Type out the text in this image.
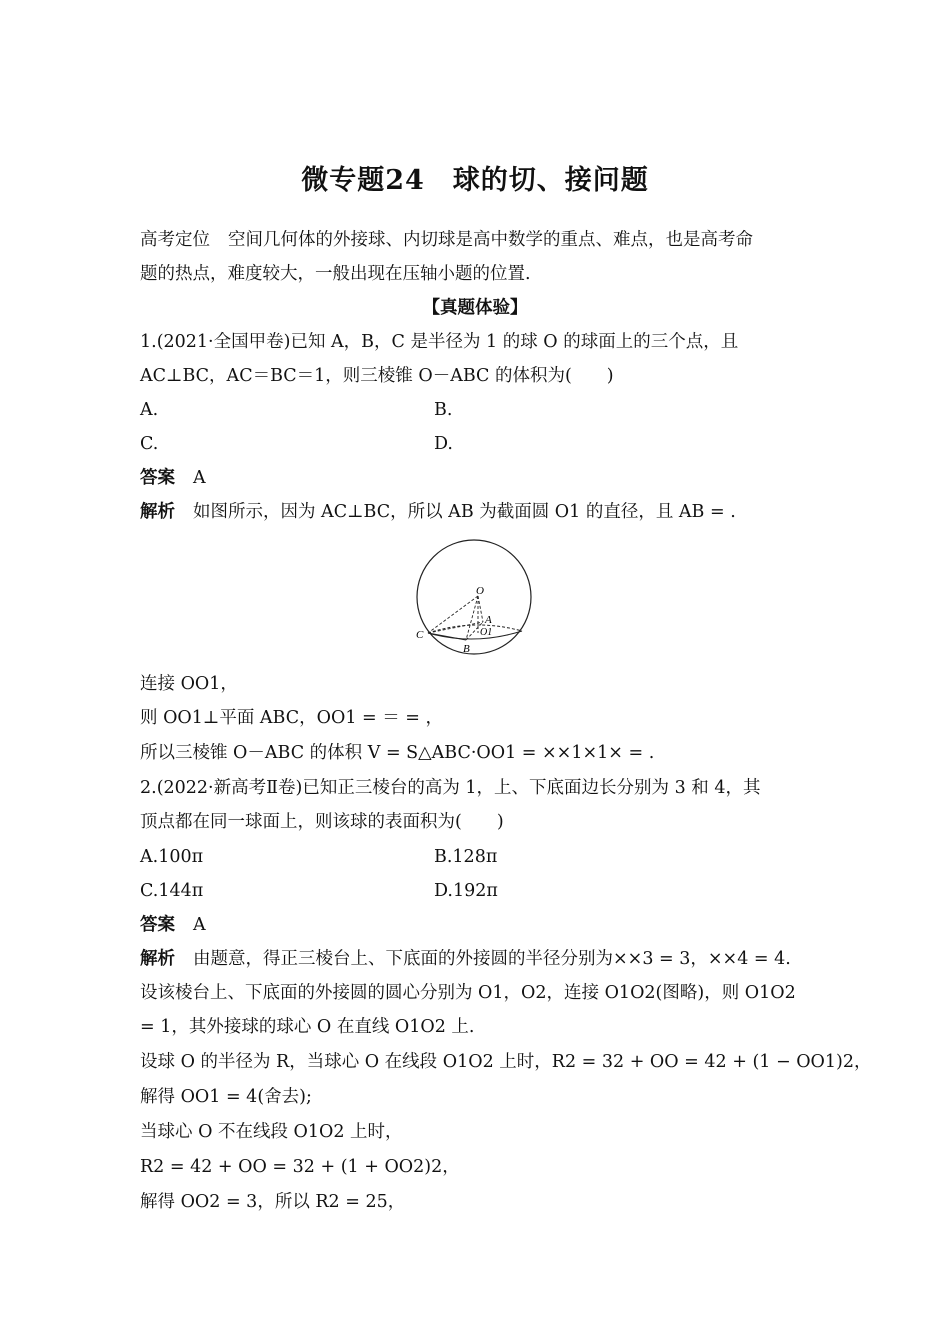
微专题24　球的切、接问题
高考定位 空间几何体的外接球、内切球是高中数学的重点、难点，也是高考命
题的热点，难度较大，一般出现在压轴小题的位置.
【真题体验】
1.(2021·全国甲卷)已知 A，B，C 是半径为 1 的球 O 的球面上的三个点，且
AC⊥BC，AC＝BC＝1，则三棱锥 O－ABC 的体积为(　　)
A.	B.
C.	D.
答案 A
解析 如图所示，因为 AC⊥BC，所以 AB 为截面圆 O1 的直径，且 AB = .
O
A
O1
C
B
连接 OO1，
则 OO1⊥平面 ABC，OO1 = ＝ = ，
所以三棱锥 O－ABC 的体积 V = S△ABC·OO1 = ××1×1× = .
2.(2022·新高考Ⅱ卷)已知正三棱台的高为 1，上、下底面边长分别为 3 和 4，其
顶点都在同一球面上，则该球的表面积为(　　)
A.100π	B.128π
C.144π	D.192π
答案 A
解析 由题意，得正三棱台上、下底面的外接圆的半径分别为××3 = 3，××4 = 4.
设该棱台上、下底面的外接圆的圆心分别为 O1，O2，连接 O1O2(图略)，则 O1O2
= 1，其外接球的球心 O 在直线 O1O2 上.
设球 O 的半径为 R，当球心 O 在线段 O1O2 上时，R2 = 32 + OO = 42 + (1 − OO1)2，
解得 OO1 = 4(舍去);
当球心 O 不在线段 O1O2 上时，
R2 = 42 + OO = 32 + (1 + OO2)2，
解得 OO2 = 3，所以 R2 = 25，
